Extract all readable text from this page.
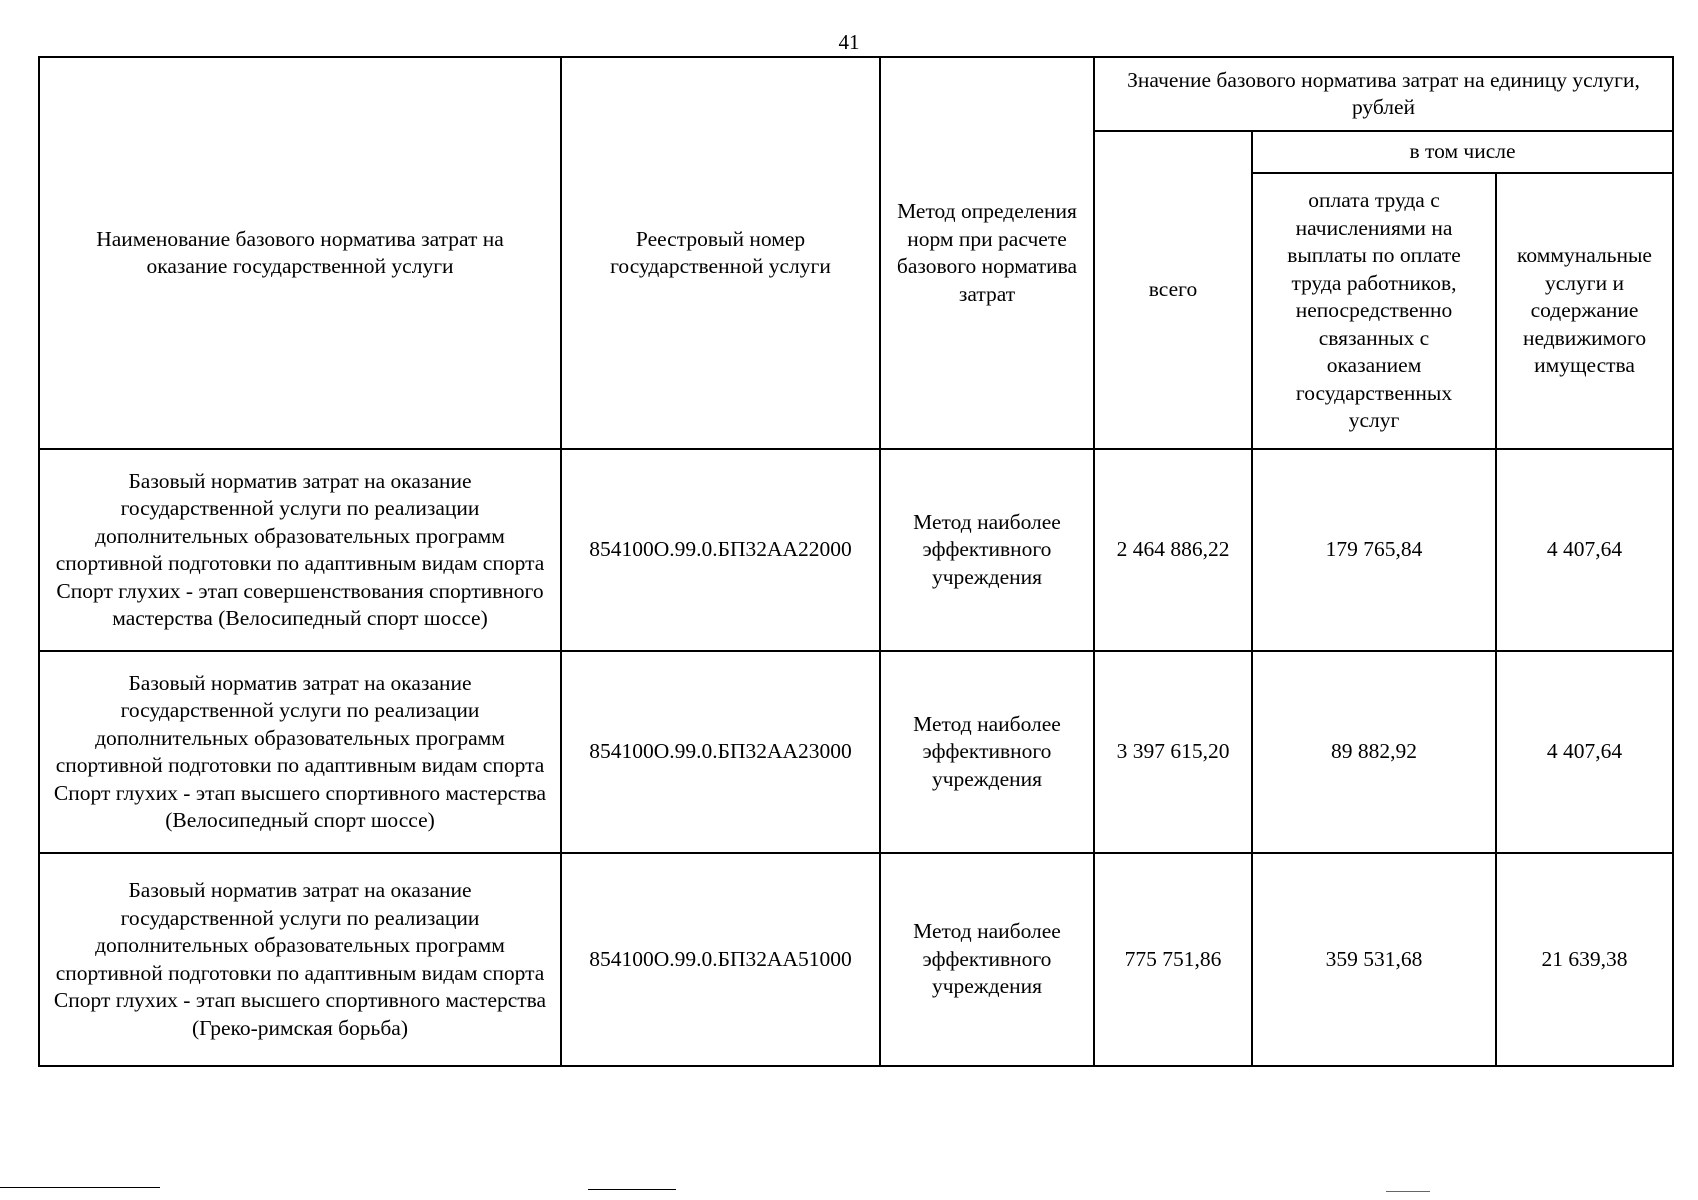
41
Наименование базового норматива затрат на оказание государственной услуги	Реестровый номер государственной услуги	Метод определения норм при расчете базового норматива затрат	Значение базового норматива затрат на единицу услуги, рублей		
			всего	в том числе	
				оплата труда с начислениями на выплаты по оплате труда работников, непосредственно связанных с оказанием государственных услуг	коммунальные услуги и содержание недвижимого имущества
Базовый норматив затрат на оказание государственной услуги по реализации дополнительных образовательных программ спортивной подготовки по адаптивным видам спорта Спорт глухих - этап совершенствования спортивного мастерства (Велосипедный спорт шоссе)	854100О.99.0.БП32АА22000	Метод наиболее эффективного учреждения	2 464 886,22	179 765,84	4 407,64
Базовый норматив затрат на оказание государственной услуги по реализации дополнительных образовательных программ спортивной подготовки по адаптивным видам спорта Спорт глухих - этап высшего спортивного мастерства (Велосипедный спорт шоссе)	854100О.99.0.БП32АА23000	Метод наиболее эффективного учреждения	3 397 615,20	89 882,92	4 407,64
Базовый норматив затрат на оказание государственной услуги по реализации дополнительных образовательных программ спортивной подготовки по адаптивным видам спорта Спорт глухих - этап высшего спортивного мастерства (Греко-римская борьба)	854100О.99.0.БП32АА51000	Метод наиболее эффективного учреждения	775 751,86	359 531,68	21 639,38
